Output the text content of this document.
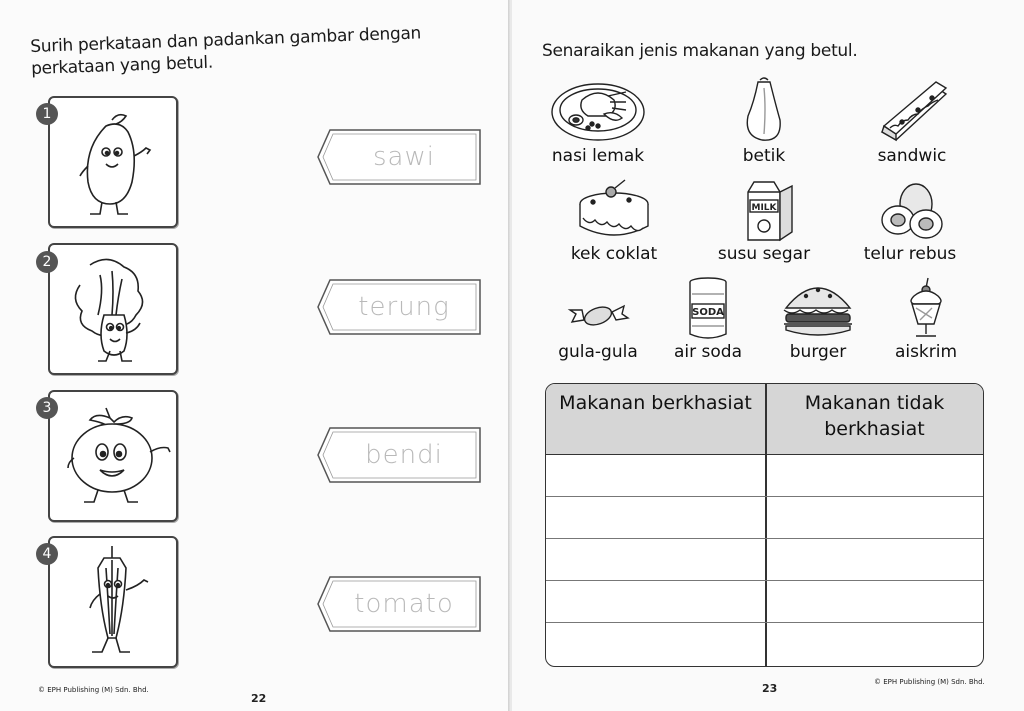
Surih perkataan dan padankan gambar dengan perkataan yang betul.
1
sawi
2
terung
3
bendi
4
tomato
© EPH Publishing (M) Sdn. Bhd.
22
Senaraikan jenis makanan yang betul.
nasi lemak	betik	sandwic
kek coklat
MILK
susu segar	telur rebus
gula-gula
SODA
air soda	burger	aiskrim
Makanan berkhasiat	Makanan tidak berkhasiat
23	© EPH Publishing (M) Sdn. Bhd.
